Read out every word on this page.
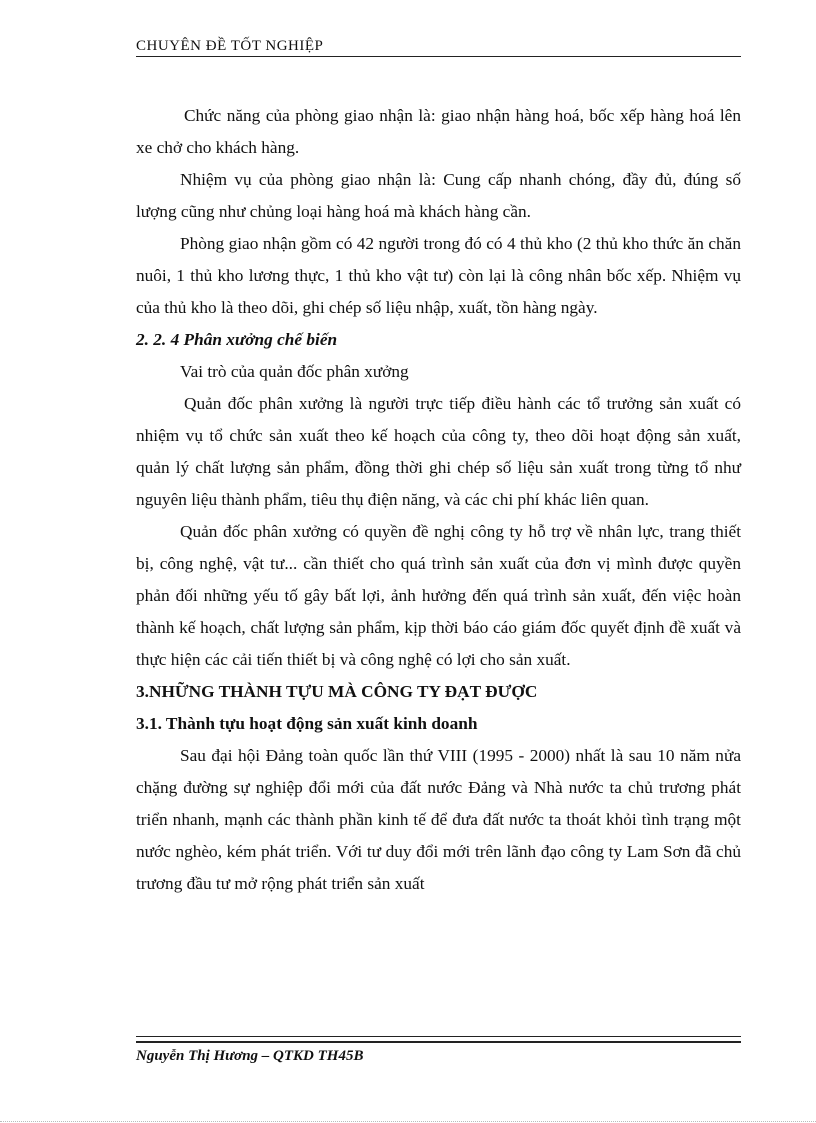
CHUYÊN ĐỀ TỐT NGHIỆP

Chức năng của phòng giao nhận là: giao nhận hàng hoá, bốc xếp hàng hoá lên xe chở cho khách hàng.

Nhiệm vụ của phòng giao nhận là: Cung cấp nhanh chóng, đầy đủ, đúng số lượng cũng như chủng loại hàng hoá mà khách hàng cần.

Phòng giao nhận gồm có 42 người trong đó có 4 thủ kho (2 thủ kho thức ăn chăn nuôi, 1 thủ kho lương thực, 1 thủ kho vật tư) còn lại là công nhân bốc xếp. Nhiệm vụ của thủ kho là theo dõi, ghi chép số liệu nhập, xuất, tồn hàng ngày.

2. 2. 4 Phân xưởng chế biến

Vai trò của quản đốc phân xưởng

Quản đốc phân xưởng là người trực tiếp điều hành các tổ trưởng sản xuất có nhiệm vụ tổ chức sản xuất theo kế hoạch của công ty, theo dõi hoạt động sản xuất, quản lý chất lượng sản phẩm, đồng thời ghi chép số liệu sản xuất trong từng tổ như nguyên liệu thành phẩm, tiêu thụ điện năng, và các chi phí khác liên quan.

Quản đốc phân xưởng có quyền đề nghị công ty hỗ trợ về nhân lực, trang thiết bị, công nghệ, vật tư... cần thiết cho quá trình sản xuất của đơn vị mình được quyền phản đối những yếu tố gây bất lợi, ảnh hưởng đến quá trình sản xuất, đến việc hoàn thành kế hoạch, chất lượng sản phẩm, kịp thời báo cáo giám đốc quyết định đề xuất và thực hiện các cải tiến thiết bị và công nghệ có lợi cho sản xuất.

3.NHỮNG THÀNH TỰU MÀ CÔNG TY ĐẠT ĐƯỢC

3.1. Thành tựu hoạt động sản xuất kinh doanh

Sau đại hội Đảng toàn quốc lần thứ VIII (1995 - 2000) nhất là sau 10 năm nửa chặng đường sự nghiệp đổi mới của đất nước Đảng và Nhà nước ta chủ trương phát triển nhanh, mạnh các thành phần kinh tế để đưa đất nước ta thoát khỏi tình trạng một nước nghèo, kém phát triển. Với tư duy đổi mới trên lãnh đạo công ty Lam Sơn đã chủ trương đầu tư mở rộng phát triển sản xuất

Nguyễn Thị Hương – QTKD TH45B
